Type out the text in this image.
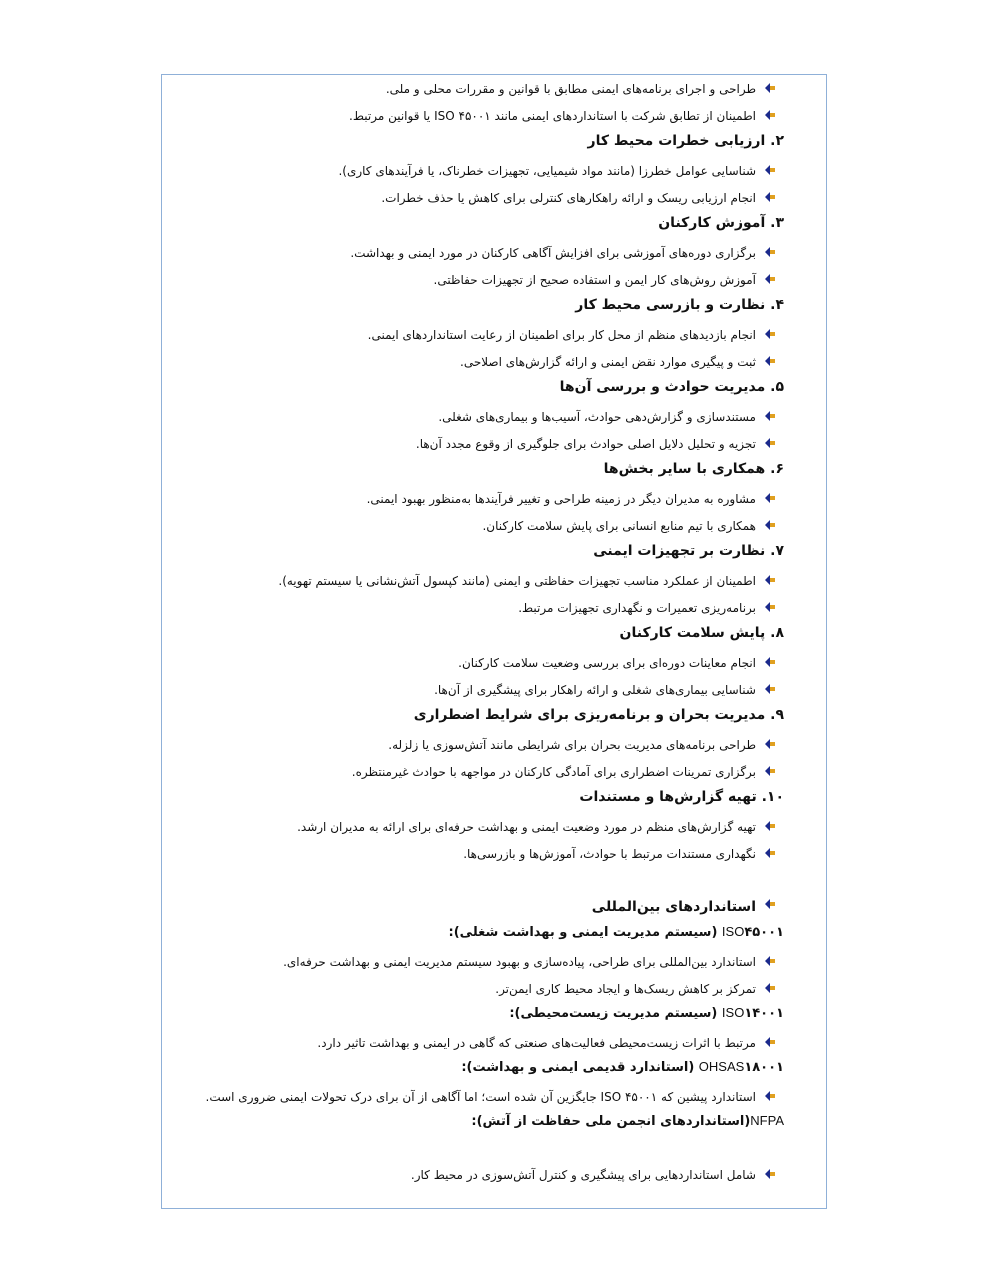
طراحی و اجرای برنامه‌های ایمنی مطابق با قوانین و مقررات محلی و ملی.
اطمینان از تطابق شرکت با استانداردهای ایمنی مانند ISO ۴۵۰۰۱ یا قوانین مرتبط.

۲. ارزیابی خطرات محیط کار

شناسایی عوامل خطرزا (مانند مواد شیمیایی، تجهیزات خطرناک، یا فرآیندهای کاری).
انجام ارزیابی ریسک و ارائه راهکارهای کنترلی برای کاهش یا حذف خطرات.

۳. آموزش کارکنان

برگزاری دوره‌های آموزشی برای افزایش آگاهی کارکنان در مورد ایمنی و بهداشت.
آموزش روش‌های کار ایمن و استفاده صحیح از تجهیزات حفاظتی.

۴. نظارت و بازرسی محیط کار

انجام بازدیدهای منظم از محل کار برای اطمینان از رعایت استانداردهای ایمنی.
ثبت و پیگیری موارد نقض ایمنی و ارائه گزارش‌های اصلاحی.

۵. مدیریت حوادث و بررسی آن‌ها

مستندسازی و گزارش‌دهی حوادث، آسیب‌ها و بیماری‌های شغلی.
تجزیه و تحلیل دلایل اصلی حوادث برای جلوگیری از وقوع مجدد آن‌ها.

۶. همکاری با سایر بخش‌ها

مشاوره به مدیران دیگر در زمینه طراحی و تغییر فرآیندها به‌منظور بهبود ایمنی.
همکاری با تیم منابع انسانی برای پایش سلامت کارکنان.

۷. نظارت بر تجهیزات ایمنی

اطمینان از عملکرد مناسب تجهیزات حفاظتی و ایمنی (مانند کپسول آتش‌نشانی یا سیستم تهویه).
برنامه‌ریزی تعمیرات و نگهداری تجهیزات مرتبط.

۸. پایش سلامت کارکنان

انجام معاینات دوره‌ای برای بررسی وضعیت سلامت کارکنان.
شناسایی بیماری‌های شغلی و ارائه راهکار برای پیشگیری از آن‌ها.

۹. مدیریت بحران و برنامه‌ریزی برای شرایط اضطراری

طراحی برنامه‌های مدیریت بحران برای شرایطی مانند آتش‌سوزی یا زلزله.
برگزاری تمرینات اضطراری برای آمادگی کارکنان در مواجهه با حوادث غیرمنتظره.

۱۰. تهیه گزارش‌ها و مستندات

تهیه گزارش‌های منظم در مورد وضعیت ایمنی و بهداشت حرفه‌ای برای ارائه به مدیران ارشد.
نگهداری مستندات مرتبط با حوادث، آموزش‌ها و بازرسی‌ها.
استانداردهای بین‌المللی

ISO۴۵۰۰۱ (سیستم مدیریت ایمنی و بهداشت شغلی):

استاندارد بین‌المللی برای طراحی، پیاده‌سازی و بهبود سیستم مدیریت ایمنی و بهداشت حرفه‌ای.
تمرکز بر کاهش ریسک‌ها و ایجاد محیط کاری ایمن‌تر.

ISO۱۴۰۰۱ (سیستم مدیریت زیست‌محیطی):

مرتبط با اثرات زیست‌محیطی فعالیت‌های صنعتی که گاهی در ایمنی و بهداشت تاثیر دارد.

OHSAS۱۸۰۰۱ (استاندارد قدیمی ایمنی و بهداشت):

استاندارد پیشین که ISO ۴۵۰۰۱ جایگزین آن شده است؛ اما آگاهی از آن برای درک تحولات ایمنی ضروری است.

NFPA(استانداردهای انجمن ملی حفاظت از آتش):

شامل استانداردهایی برای پیشگیری و کنترل آتش‌سوزی در محیط کار.
